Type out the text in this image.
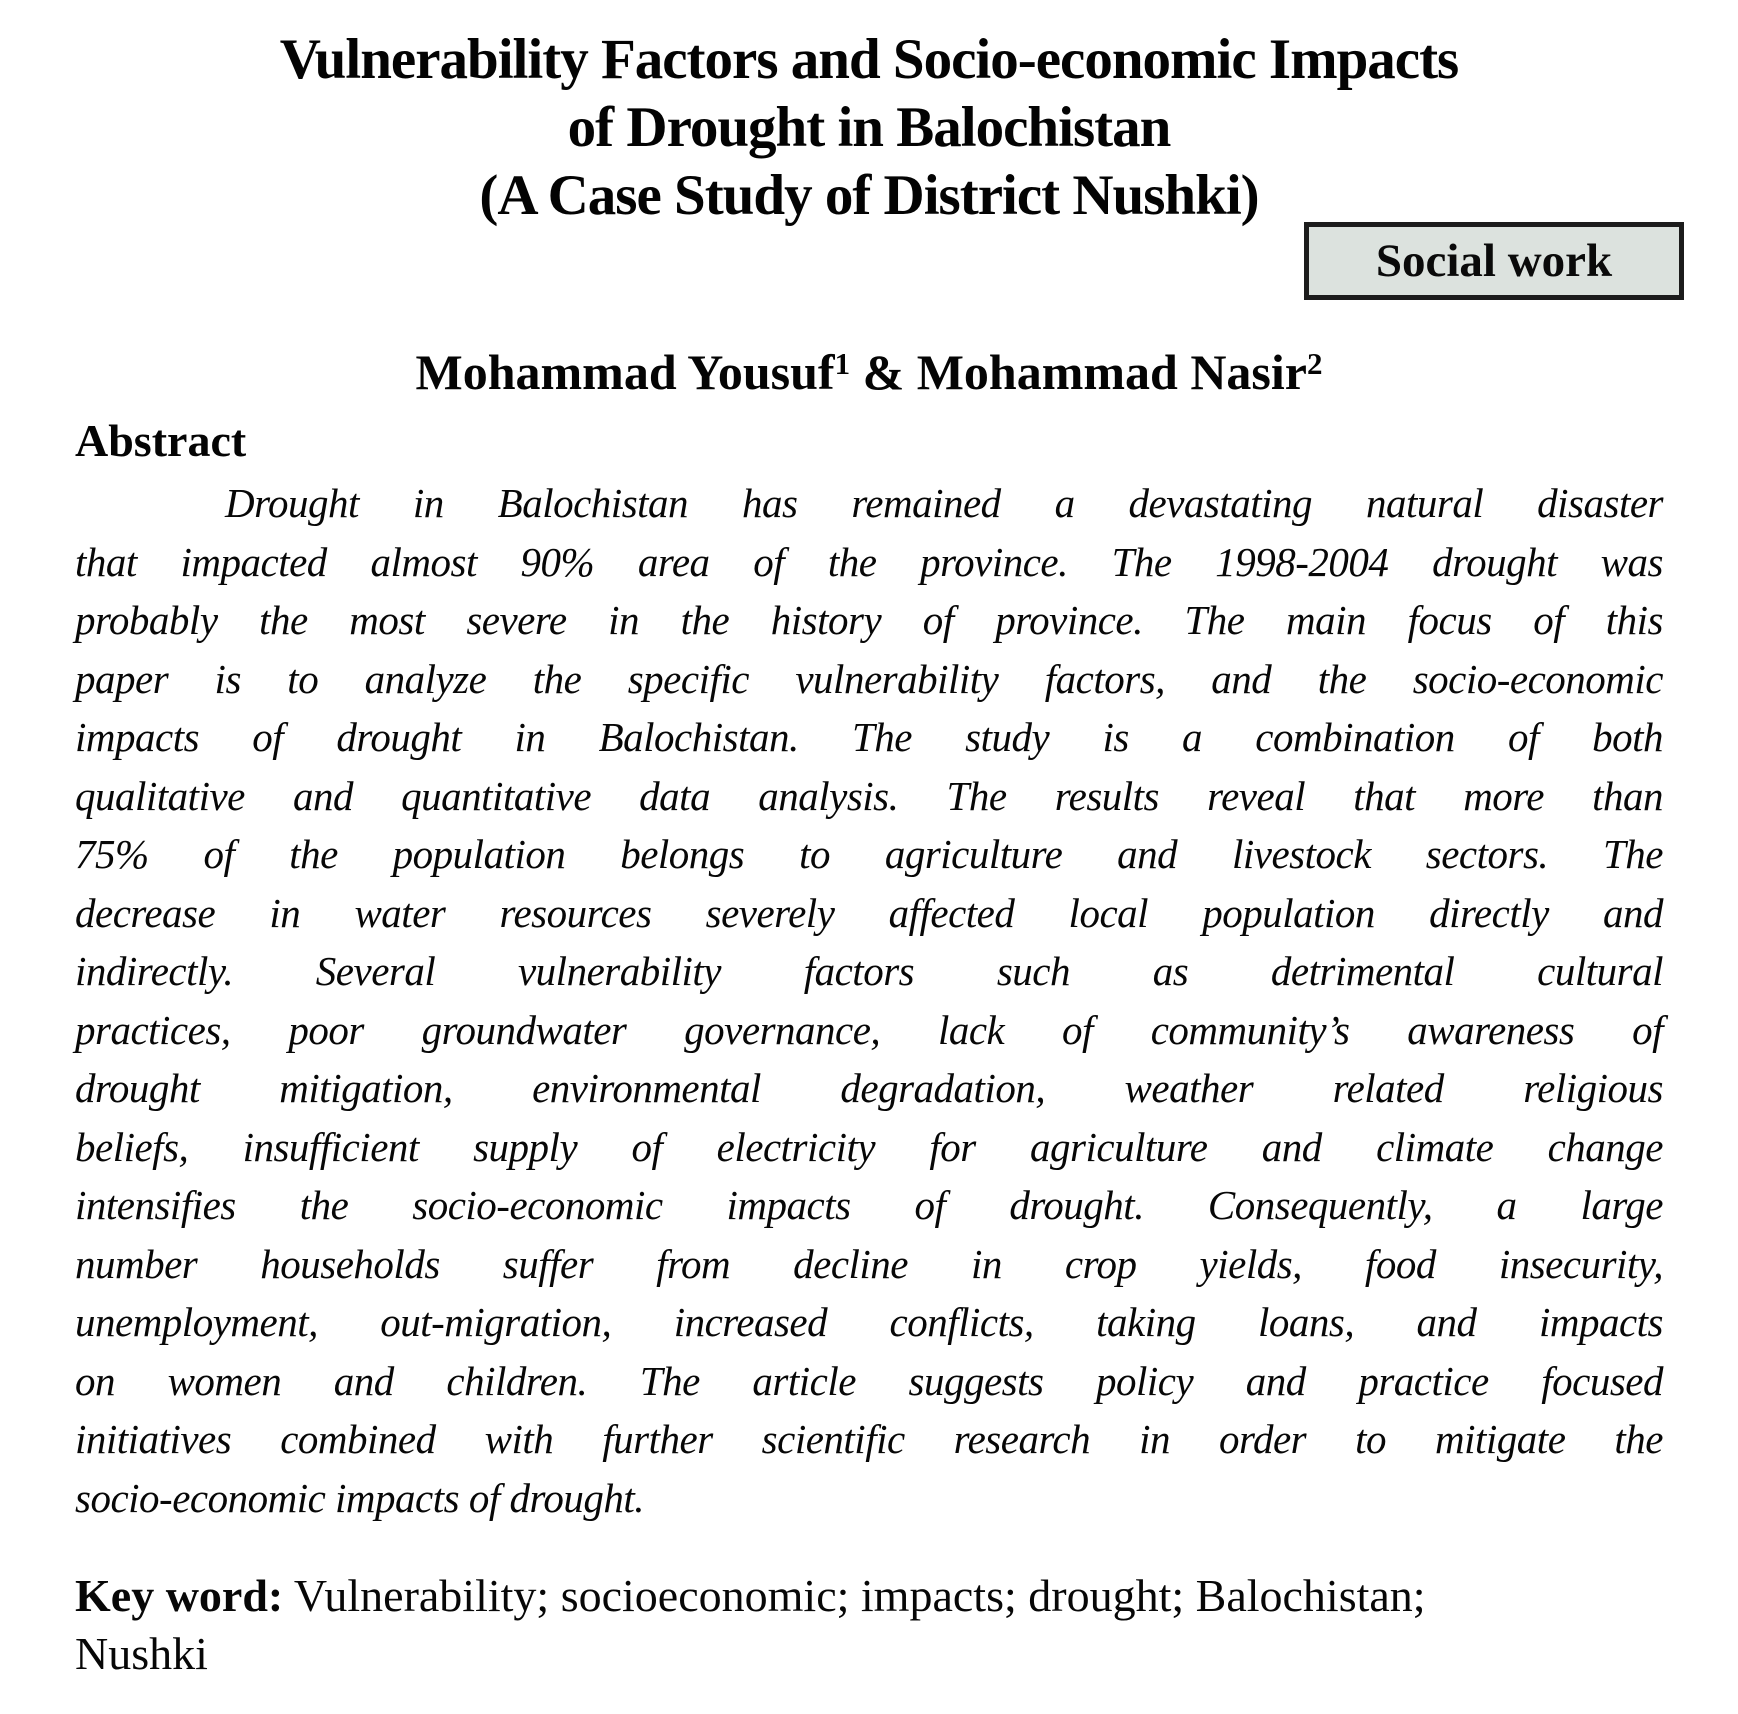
Social work
Vulnerability Factors and Socio-economic Impacts
of Drought in Balochistan
(A Case Study of District Nushki)
Mohammad Yousuf$^1$ & Mohammad Nasir$^2$
Abstract
Drought in Balochistan has remained a devastating natural disaster
that impacted almost 90% area of the province. The 1998-2004 drought was
probably the most severe in the history of province. The main focus of this
paper is to analyze the specific vulnerability factors, and the socio-economic
impacts of drought in Balochistan. The study is a combination of both
qualitative and quantitative data analysis. The results reveal that more than
75% of the population belongs to agriculture and livestock sectors. The
decrease in water resources severely affected local population directly and
indirectly. Several vulnerability factors such as detrimental cultural
practices, poor groundwater governance, lack of community’s awareness of
drought mitigation, environmental degradation, weather related religious
beliefs, insufficient supply of electricity for agriculture and climate change
intensifies the socio-economic impacts of drought. Consequently, a large
number households suffer from decline in crop yields, food insecurity,
unemployment, out-migration, increased conflicts, taking loans, and impacts
on women and children. The article suggests policy and practice focused
initiatives combined with further scientific research in order to mitigate the
socio-economic impacts of drought.

Key word: Vulnerability; socioeconomic; impacts; drought; Balochistan;
Nushki
